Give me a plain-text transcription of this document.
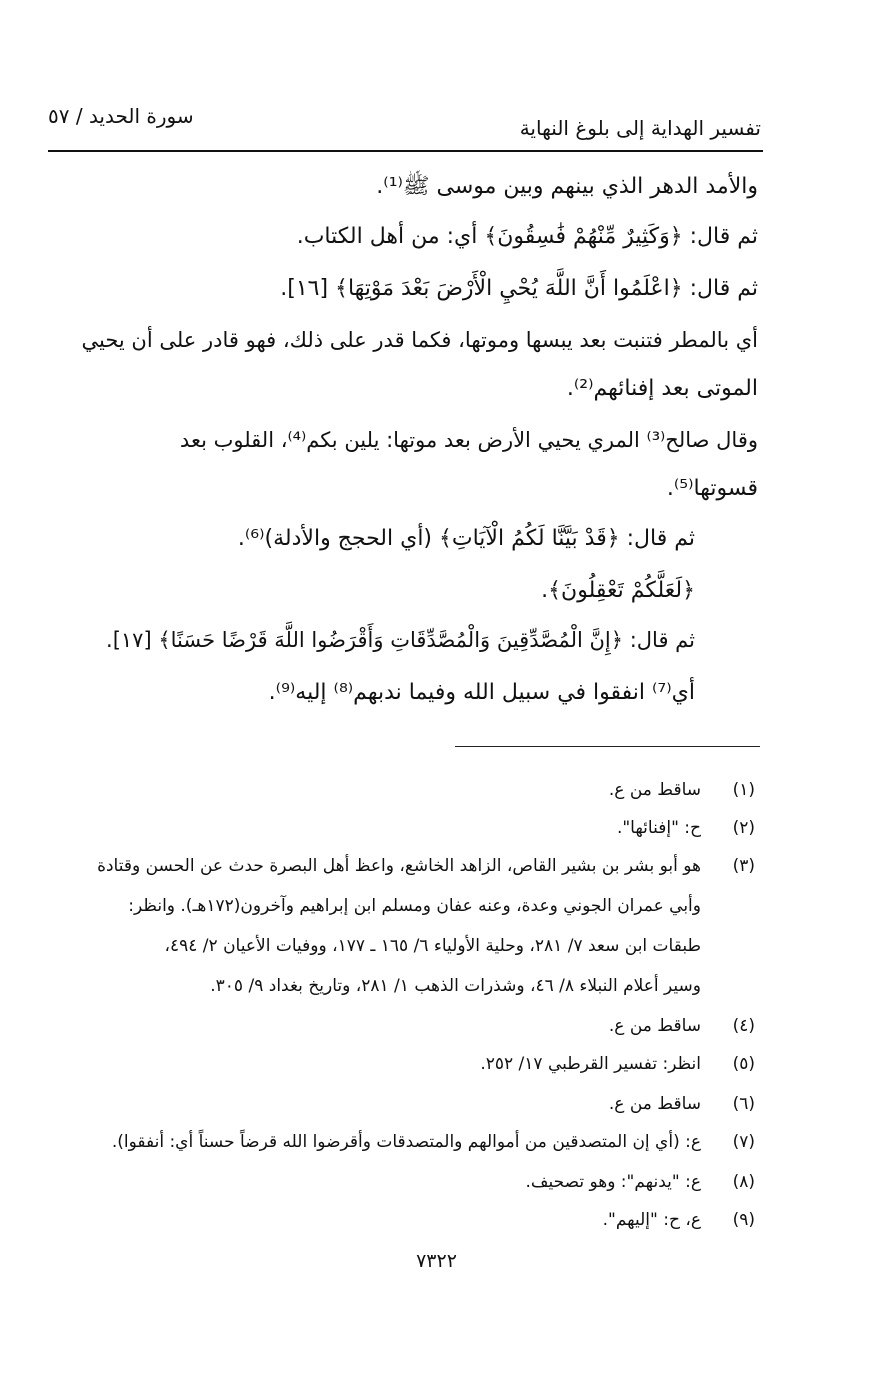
تفسير الهداية إلى بلوغ النهاية
سورة الحديد / ٥٧
والأمد الدهر الذي بينهم وبين موسى ﷺ⁽¹⁾.
ثم قال: ﴿وَكَثِيرٌ مِّنْهُمْ فَٰسِقُونَ﴾ أي: من أهل الكتاب.
ثم قال: ﴿اعْلَمُوا أَنَّ اللَّهَ يُحْيِ الْأَرْضَ بَعْدَ مَوْتِهَا﴾ [١٦].
أي بالمطر فتنبت بعد يبسها وموتها، فكما قدر على ذلك، فهو قادر على أن يحيي
الموتى بعد إفنائهم⁽²⁾.
وقال صالح⁽³⁾ المري يحيي الأرض بعد موتها: يلين بكم⁽⁴⁾، القلوب بعد
قسوتها⁽⁵⁾.
ثم قال: ﴿قَدْ بَيَّنَّا لَكُمُ الْآيَاتِ﴾ (أي الحجج والأدلة)⁽⁶⁾.
﴿لَعَلَّكُمْ تَعْقِلُونَ﴾.
ثم قال: ﴿إِنَّ الْمُصَّدِّقِينَ وَالْمُصَّدِّقَاتِ وَأَقْرَضُوا اللَّهَ قَرْضًا حَسَنًا﴾ [١٧].
أي⁽⁷⁾ انفقوا في سبيل الله وفيما ندبهم⁽⁸⁾ إليه⁽⁹⁾.
(١)
ساقط من ع.
(٢)
ح: "إفنائها".
(٣)
هو أبو بشر بن بشير القاص، الزاهد الخاشع، واعظ أهل البصرة حدث عن الحسن وقتادة
وأبي عمران الجوني وعدة، وعنه عفان ومسلم ابن إبراهيم وآخرون(١٧٢هـ). وانظر:
طبقات ابن سعد ٧/ ٢٨١، وحلية الأولياء ٦/ ١٦٥ ـ ١٧٧، ووفيات الأعيان ٢/ ٤٩٤،
وسير أعلام النبلاء ٨/ ٤٦، وشذرات الذهب ١/ ٢٨١، وتاريخ بغداد ٩/ ٣٠٥.
(٤)
ساقط من ع.
(٥)
انظر: تفسير القرطبي ١٧/ ٢٥٢.
(٦)
ساقط من ع.
(٧)
ع: (أي إن المتصدقين من أموالهم والمتصدقات وأقرضوا الله قرضاً حسناً أي: أنفقوا).
(٨)
ع: "يدنهم": وهو تصحيف.
(٩)
ع، ح: "إليهم".
٧٣٢٢
